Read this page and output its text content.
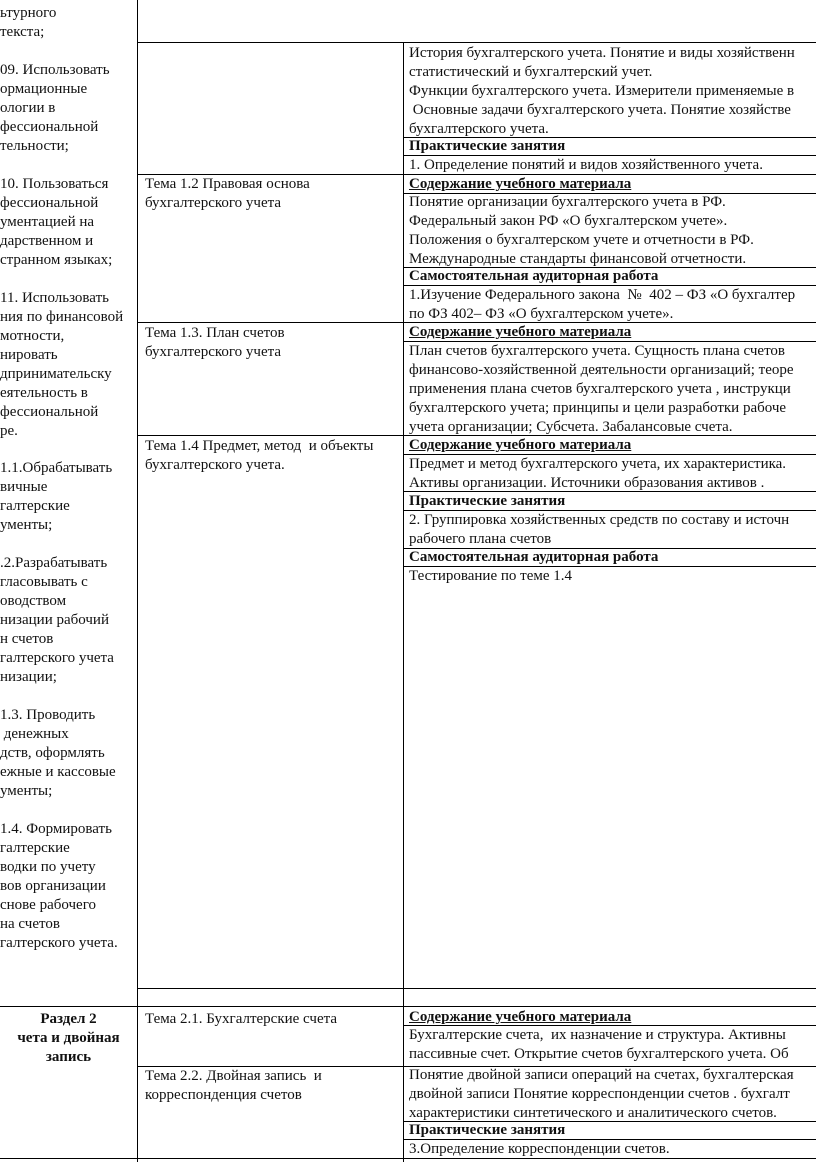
ьтурного
текста;
09. Использовать
ормационные
ологии в
фессиональной
тельности;
10. Пользоваться
фессиональной
ументацией на
дарственном и
странном языках;
11. Использовать
ния по финансовой
мотности,
нировать
дпринимательску
еятельность в
фессиональной
ре.
1.1.Обрабатывать
вичные
галтерские
ументы;
.2.Разрабатывать
гласовывать с
оводством
низации рабочий
н счетов
галтерского учета
низации;
1.3. Проводить
денежных
дств, оформлять
ежные и кассовые
ументы;
1.4. Формировать
галтерские
водки по учету
вов организации
снове рабочего
на счетов
галтерского учета.
Раздел 2
чета и двойная
запись
Тема 1.2 Правовая основа
бухгалтерского учета
Тема 1.3. План счетов
бухгалтерского учета
Тема 1.4 Предмет, метод  и объекты
бухгалтерского учета.
Тема 2.1. Бухгалтерские счета
Тема 2.2. Двойная запись  и
корреспонденция счетов
История бухгалтерского учета. Понятие и виды хозяйственн
статистический и бухгалтерский учет.
Функции бухгалтерского учета. Измерители применяемые в
Основные задачи бухгалтерского учета. Понятие хозяйстве
бухгалтерского учета.
Практические занятия
1. Определение понятий и видов хозяйственного учета.
Содержание учебного материала
Понятие организации бухгалтерского учета в РФ.
Федеральный закон РФ «О бухгалтерском учете».
Положения о бухгалтерском учете и отчетности в РФ.
Международные стандарты финансовой отчетности.
Самостоятельная аудиторная работа
1.Изучение Федерального закона  №  402 – ФЗ «О бухгалтер
по ФЗ 402– ФЗ «О бухгалтерском учете».
Содержание учебного материала
План счетов бухгалтерского учета. Сущность плана счетов
финансово-хозяйственной деятельности организаций; теоре
применения плана счетов бухгалтерского учета , инструкци
бухгалтерского учета; принципы и цели разработки рабоче
учета организации; Субсчета. Забалансовые счета.
Содержание учебного материала
Предмет и метод бухгалтерского учета, их характеристика.
Активы организации. Источники образования активов .
Практические занятия
2. Группировка хозяйственных средств по составу и источн
рабочего плана счетов
Самостоятельная аудиторная работа
Тестирование по теме 1.4
Содержание учебного материала
Бухгалтерские счета,  их назначение и структура. Активны
пассивные счет. Открытие счетов бухгалтерского учета. Об
Понятие двойной записи операций на счетах, бухгалтерская
двойной записи Понятие корреспонденции счетов . бухгалт
характеристики синтетического и аналитического счетов.
Практические занятия
3.Определение корреспонденции счетов.
